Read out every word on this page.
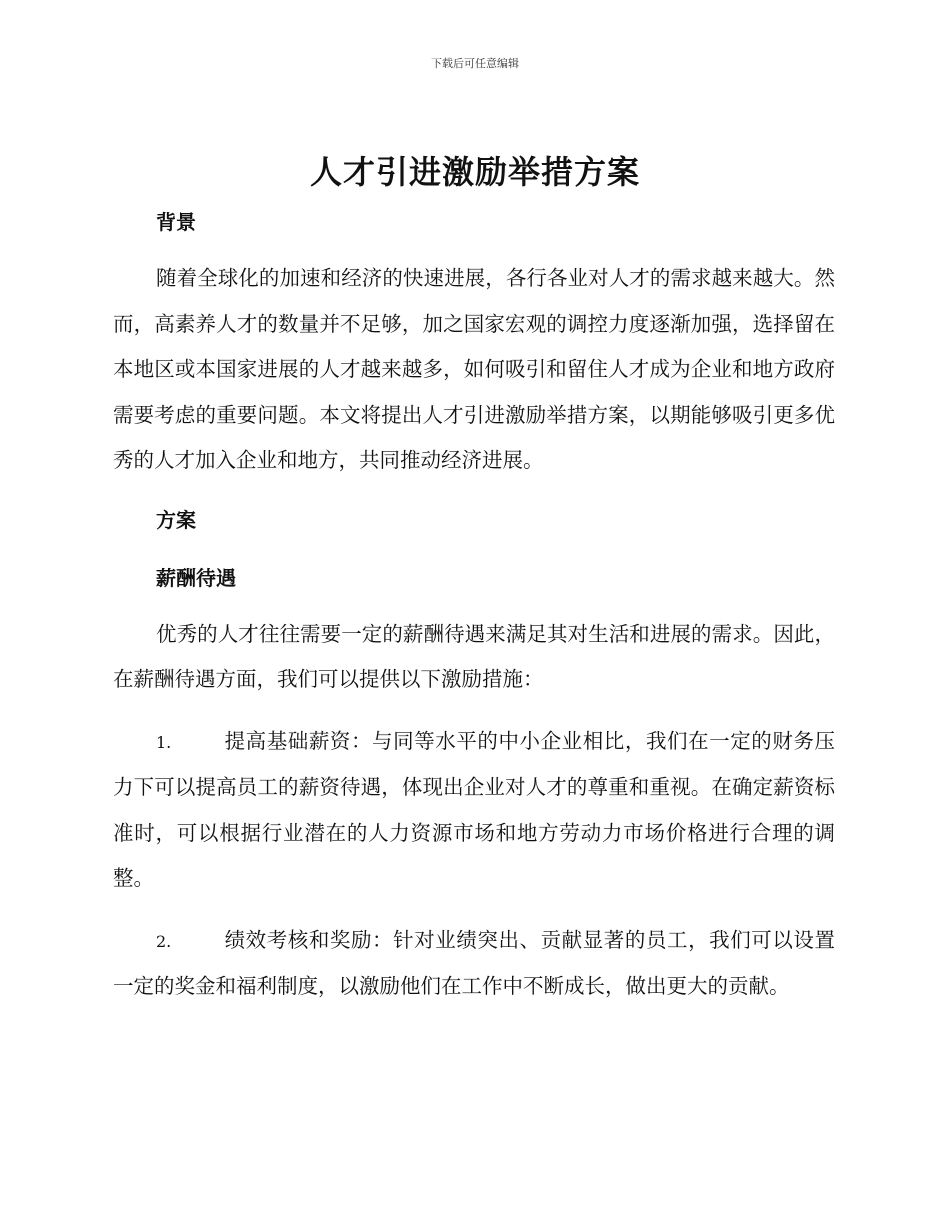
下载后可任意编辑
人才引进激励举措方案

背景

随着全球化的加速和经济的快速进展，各行各业对人才的需求越来越大。然而，高素养人才的数量并不足够，加之国家宏观的调控力度逐渐加强，选择留在本地区或本国家进展的人才越来越多，如何吸引和留住人才成为企业和地方政府需要考虑的重要问题。本文将提出人才引进激励举措方案，以期能够吸引更多优秀的人才加入企业和地方，共同推动经济进展。

方案

薪酬待遇

优秀的人才往往需要一定的薪酬待遇来满足其对生活和进展的需求。因此，在薪酬待遇方面，我们可以提供以下激励措施：

1.	提高基础薪资：与同等水平的中小企业相比，我们在一定的财务压力下可以提高员工的薪资待遇，体现出企业对人才的尊重和重视。在确定薪资标准时，可以根据行业潜在的人力资源市场和地方劳动力市场价格进行合理的调整。

2.	绩效考核和奖励：针对业绩突出、贡献显著的员工，我们可以设置一定的奖金和福利制度，以激励他们在工作中不断成长，做出更大的贡献。
